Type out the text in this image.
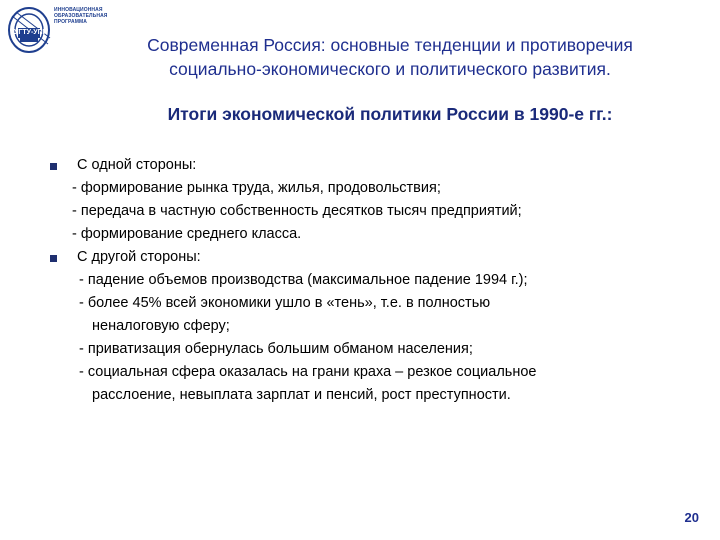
ИННОВАЦИОННАЯ
ОБРАЗОВАТЕЛЬНАЯ
ПРОГРАММА
УГТУ-УПИ
Современная Россия: основные тенденции и противоречия
социально-экономического и политического развития.
Итоги экономической политики России в 1990-е гг.:
С одной стороны:
- формирование рынка труда, жилья, продовольствия;
- передача в частную собственность десятков тысяч предприятий;
- формирование среднего класса.
С другой стороны:
- падение объемов производства (максимальное падение 1994 г.);
- более 45% всей экономики ушло в «тень», т.е. в полностью
неналоговую сферу;
- приватизация обернулась большим обманом населения;
- социальная сфера оказалась на грани краха – резкое социальное
расслоение, невыплата зарплат и пенсий, рост преступности.
20
